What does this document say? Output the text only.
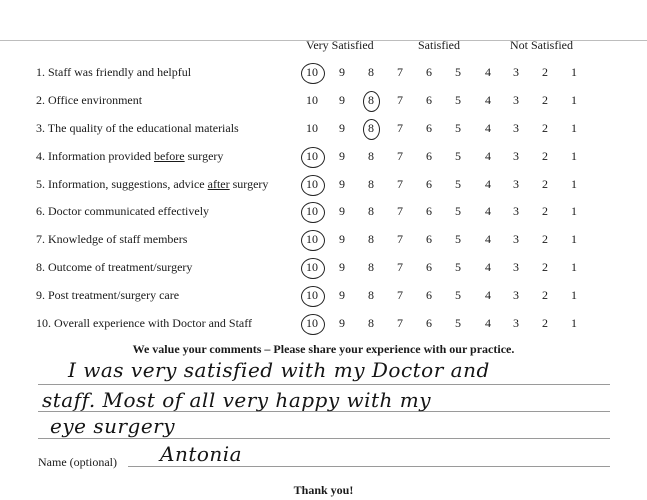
Very Satisfied	Satisfied	Not Satisfied
1. Staff was friendly and helpful	10	9	8	7	6	5	4	3	2	1
2. Office environment	10	9	8	7	6	5	4	3	2	1
3. The quality of the educational materials	10	9	8	7	6	5	4	3	2	1
4. Information provided before surgery	10	9	8	7	6	5	4	3	2	1
5. Information, suggestions, advice after surgery	10	9	8	7	6	5	4	3	2	1
6. Doctor communicated effectively	10	9	8	7	6	5	4	3	2	1
7. Knowledge of staff members	10	9	8	7	6	5	4	3	2	1
8. Outcome of treatment/surgery	10	9	8	7	6	5	4	3	2	1
9. Post treatment/surgery care	10	9	8	7	6	5	4	3	2	1
10. Overall experience with Doctor and Staff	10	9	8	7	6	5	4	3	2	1
We value your comments – Please share your experience with our practice.
I was very satisfied with my Doctor and
staff. Most of all very happy with my
eye surgery
Name (optional) Antonia
Thank you!
